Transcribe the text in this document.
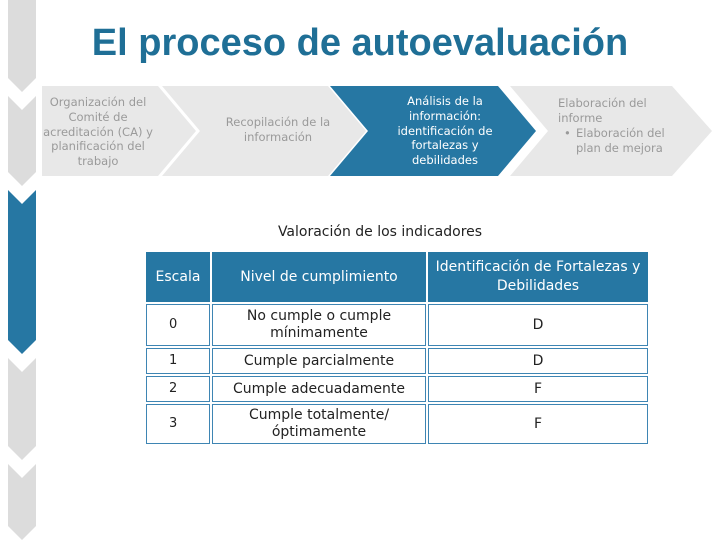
El proceso de autoevaluación
Organización del Comité de acreditación (CA) y planificación del trabajo
Recopilación de la información
Análisis de la información: identificación de fortalezas y debilidades
Elaboración del informe
• Elaboración del plan de mejora
Valoración de los indicadores
Escala	Nivel de cumplimiento	Identificación de Fortalezas y Debilidades
0	No cumple o cumple mínimamente	D
1	Cumple parcialmente	D
2	Cumple adecuadamente	F
3	Cumple totalmente/óptimamente	F
